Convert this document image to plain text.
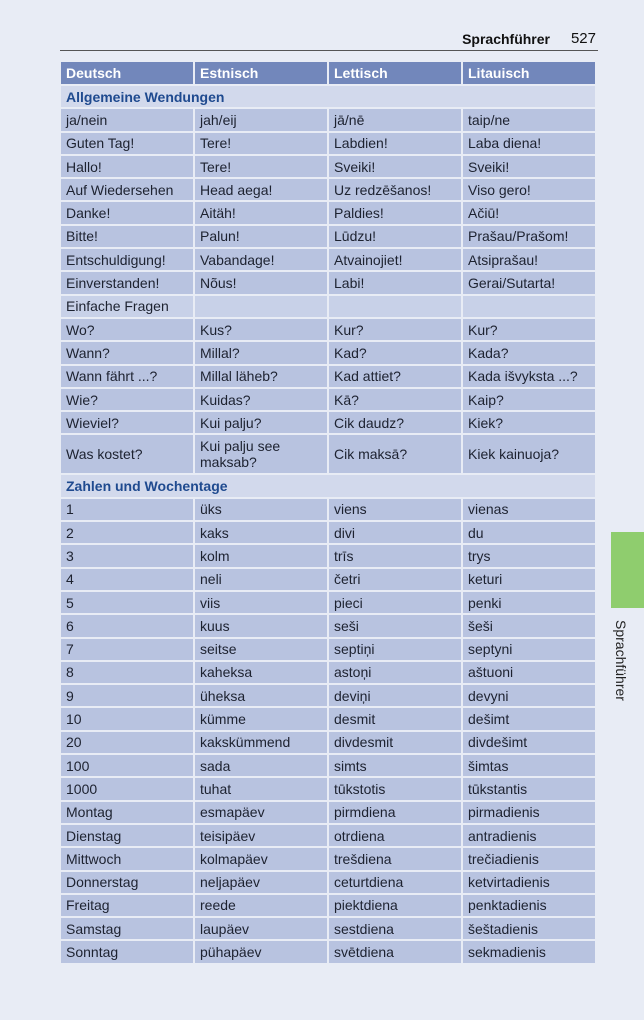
Sprachführer 527
Deutsch	Estnisch	Lettisch	Litauisch
Allgemeine Wendungen			
ja/nein	jah/eij	jā/nē	taip/ne
Guten Tag!	Tere!	Labdien!	Laba diena!
Hallo!	Tere!	Sveiki!	Sveiki!
Auf Wiedersehen	Head aega!	Uz redzēšanos!	Viso gero!
Danke!	Aitäh!	Paldies!	Ačiū!
Bitte!	Palun!	Lūdzu!	Prašau/Prašom!
Entschuldigung!	Vabandage!	Atvainojiet!	Atsiprašau!
Einverstanden!	Nõus!	Labi!	Gerai/Sutarta!
Einfache Fragen			
Wo?	Kus?	Kur?	Kur?
Wann?	Millal?	Kad?	Kada?
Wann fährt ...?	Millal läheb?	Kad attiet?	Kada išvyksta ...?
Wie?	Kuidas?	Kā?	Kaip?
Wieviel?	Kui palju?	Cik daudz?	Kiek?
Was kostet?	Kui palju see maksab?	Cik maksā?	Kiek kainuoja?
Zahlen und Wochentage			
1	üks	viens	vienas
2	kaks	divi	du
3	kolm	trīs	trys
4	neli	četri	keturi
5	viis	pieci	penki
6	kuus	seši	šeši
7	seitse	septiņi	septyni
8	kaheksa	astoņi	aštuoni
9	üheksa	deviņi	devyni
10	kümme	desmit	dešimt
20	kakskümmend	divdesmit	divdešimt
100	sada	simts	šimtas
1000	tuhat	tūkstotis	tūkstantis
Montag	esmapäev	pirmdiena	pirmadienis
Dienstag	teisipäev	otrdiena	antradienis
Mittwoch	kolmapäev	trešdiena	trečiadienis
Donnerstag	neljapäev	ceturtdiena	ketvirtadienis
Freitag	reede	piektdiena	penktadienis
Samstag	laupäev	sestdiena	šeštadienis
Sonntag	pühapäev	svētdiena	sekmadienis
Sprachführer
